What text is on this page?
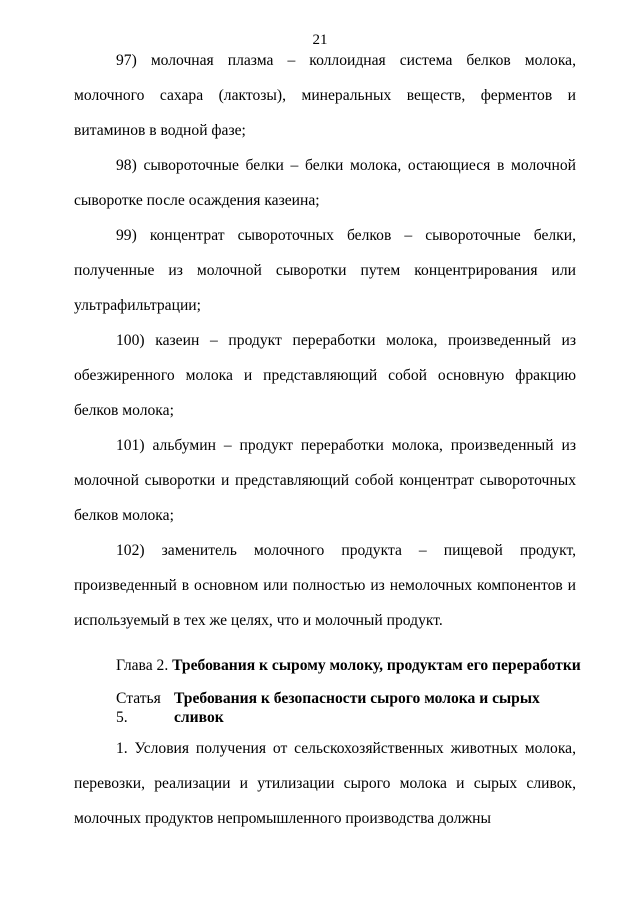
21

97) молочная плазма – коллоидная система белков молока, молочного сахара (лактозы), минеральных веществ, ферментов и витаминов в водной фазе;

98) сывороточные белки – белки молока, остающиеся в молочной сыворотке после осаждения казеина;

99) концентрат сывороточных белков – сывороточные белки, полученные из молочной сыворотки путем концентрирования или ультрафильтрации;

100) казеин – продукт переработки молока, произведенный из обезжиренного молока и представляющий собой основную фракцию белков молока;

101) альбумин – продукт переработки молока, произведенный из молочной сыворотки и представляющий собой концентрат сывороточных белков молока;

102) заменитель молочного продукта – пищевой продукт, произведенный в основном или полностью из немолочных компонентов и используемый в тех же целях, что и молочный продукт.

Глава 2. Требования к сырому молоку, продуктам его переработки
Статья 5.
Требования к безопасности сырого молока и сырых сливок

1. Условия получения от сельскохозяйственных животных молока, перевозки, реализации и утилизации сырого молока и сырых сливок, молочных продуктов непромышленного производства должны
